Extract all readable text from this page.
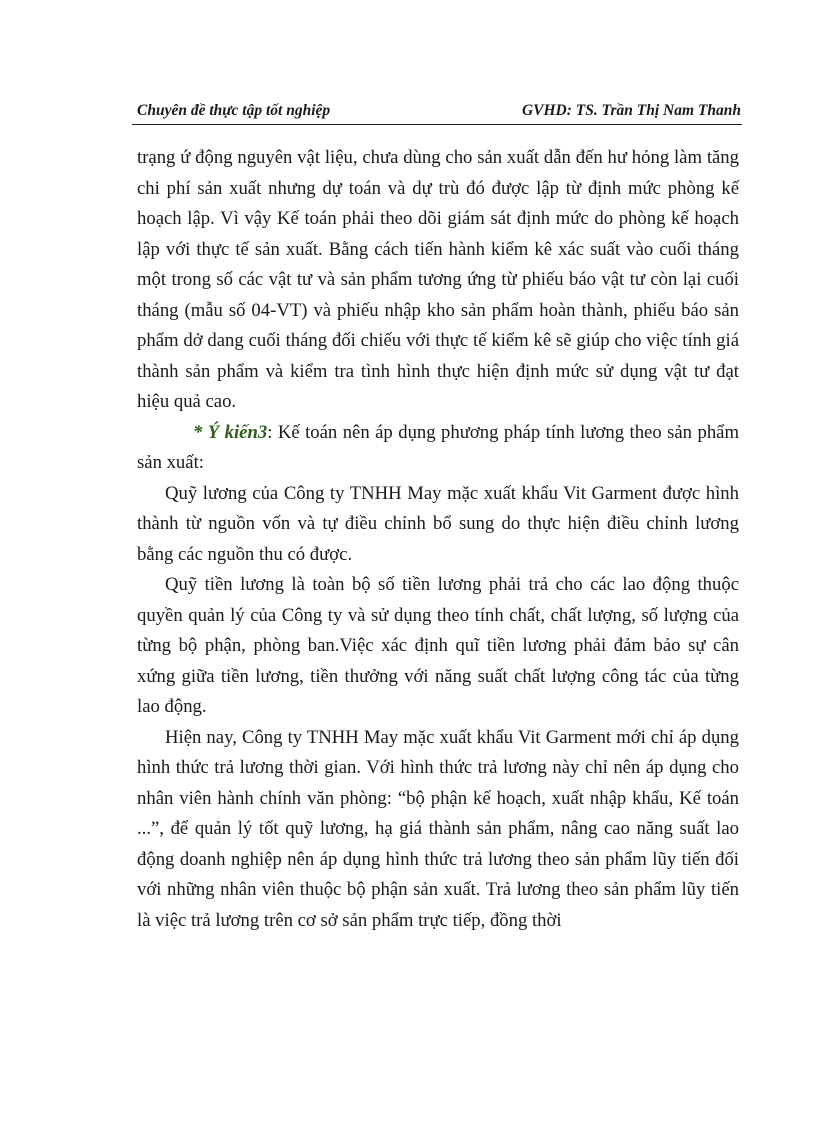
Chuyên đề thực tập tốt nghiệp	GVHD: TS. Trần Thị Nam Thanh

trạng ứ động nguyên vật liệu, chưa dùng cho sản xuất dẫn đến hư hỏng làm tăng chi phí sản xuất nhưng dự toán và dự trù đó được lập từ định mức phòng kế hoạch lập. Vì vậy Kế toán phải theo dõi giám sát định mức do phòng kế hoạch lập với thực tế sản xuất. Bằng cách tiến hành kiểm kê xác suất vào cuối tháng một trong số các vật tư và sản phẩm tương ứng từ phiếu báo vật tư còn lại cuối tháng (mẫu số 04-VT) và phiếu nhập kho sản phẩm hoàn thành, phiếu báo sản phẩm dở dang cuối tháng đối chiếu với thực tế kiểm kê sẽ giúp cho việc tính giá thành sản phẩm và kiểm tra tình hình thực hiện định mức sử dụng vật tư đạt hiệu quả cao.

* Ý kiến3: Kế toán nên áp dụng phương pháp tính lương theo sản phẩm sản xuất:

Quỹ lương của Công ty TNHH May mặc xuất khẩu Vit Garment được hình thành từ nguồn vốn và tự điều chỉnh bổ sung do thực hiện điều chỉnh lương bằng các nguồn thu có được.

Quỹ tiền lương là toàn bộ số tiền lương phải trả cho các lao động thuộc quyền quản lý của Công ty và sử dụng theo tính chất, chất lượng, số lượng của từng bộ phận, phòng ban.Việc xác định quĩ tiền lương phải đảm bảo sự cân xứng giữa tiền lương, tiền thưởng với năng suất chất lượng công tác của từng lao động.

Hiện nay, Công ty TNHH May mặc xuất khẩu Vit Garment mới chỉ áp dụng hình thức trả lương thời gian. Với hình thức trả lương này chỉ nên áp dụng cho nhân viên hành chính văn phòng: “bộ phận kế hoạch, xuất nhập khẩu, Kế toán ...”, để quản lý tốt quỹ lương, hạ giá thành sản phẩm, nâng cao năng suất lao động doanh nghiệp nên áp dụng hình thức trả lương theo sản phẩm lũy tiến đối với những nhân viên thuộc bộ phận sản xuất. Trả lương theo sản phẩm lũy tiến là việc trả lương trên cơ sở sản phẩm trực tiếp, đồng thời
